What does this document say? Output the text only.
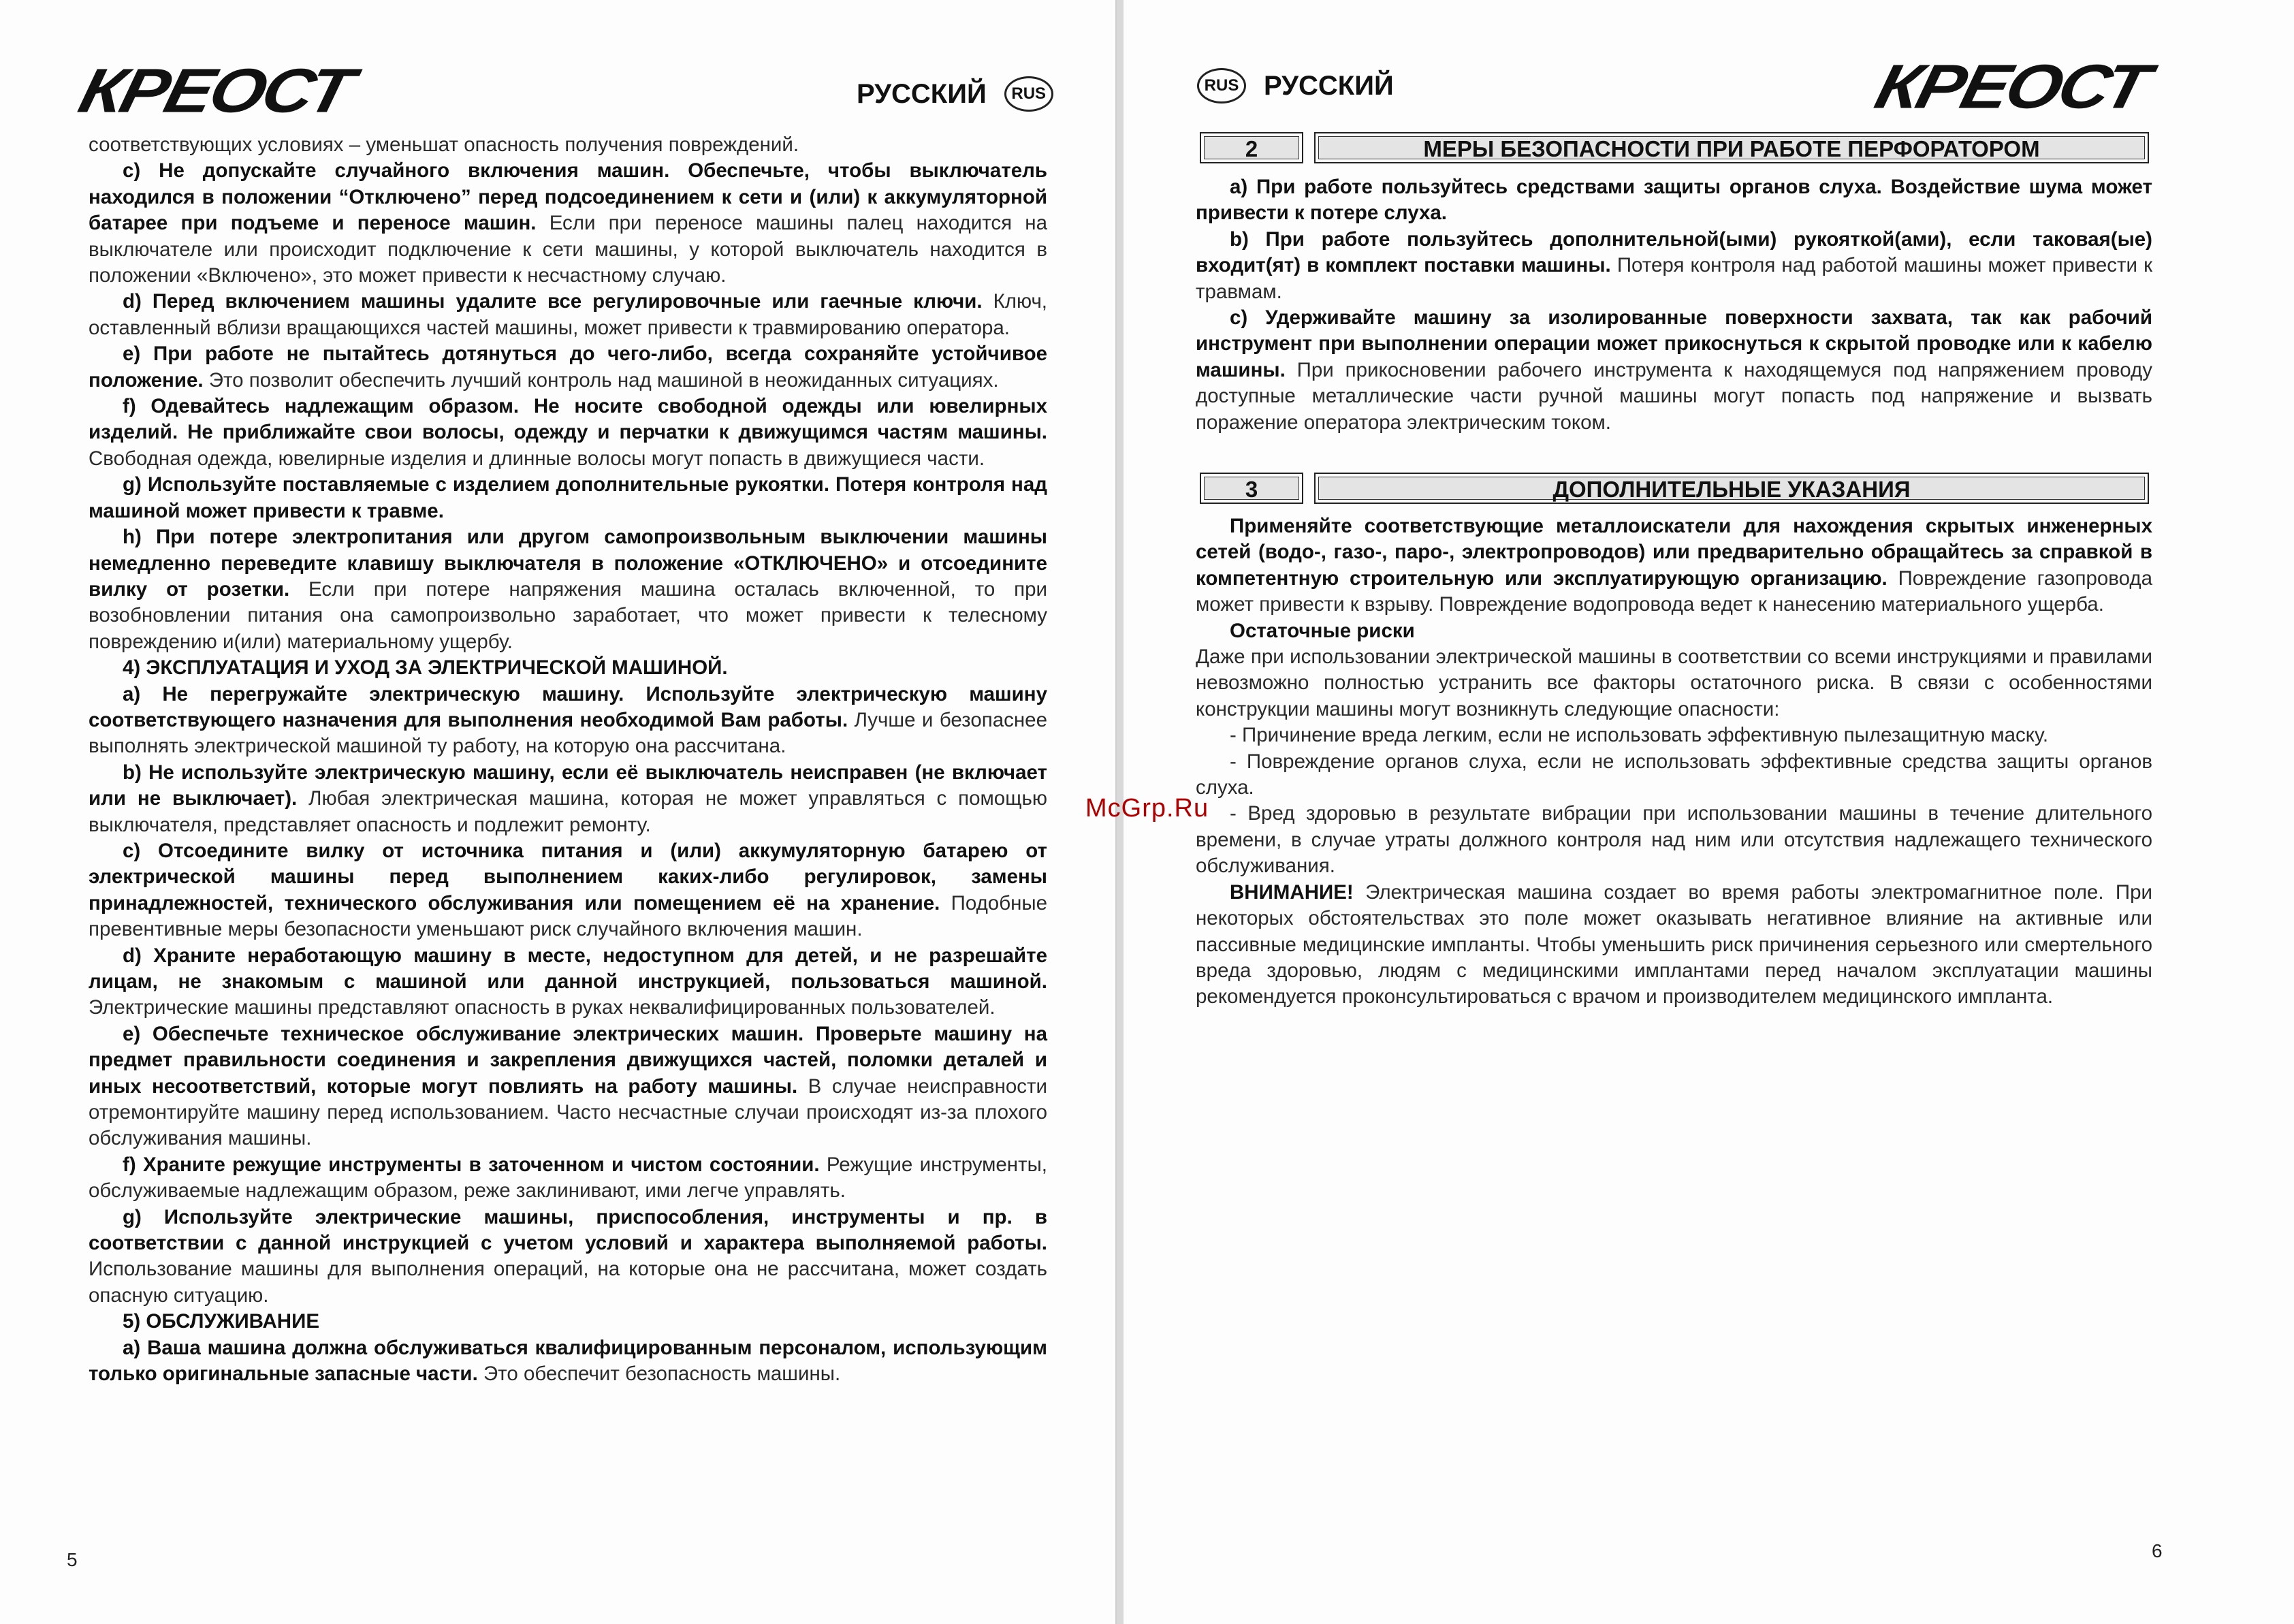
КРЕОСТ	РУССКИЙ	RUS

соответствующих условиях – уменьшат опасность получения повреждений.

c) Не допускайте случайного включения машин. Обеспечьте, чтобы выключатель находился в положении “Отключено” перед подсоединением к сети и (или) к аккумуляторной батарее при подъеме и переносе машин. Если при переносе машины палец находится на выключателе или происходит подключение к сети машины, у которой выключатель находится в положении «Включено», это может привести к несчастному случаю.

d) Перед включением машины удалите все регулировочные или гаечные ключи. Ключ, оставленный вблизи вращающихся частей машины, может привести к травмированию оператора.

e) При работе не пытайтесь дотянуться до чего-либо, всегда сохраняйте устойчивое положение. Это позволит обеспечить лучший контроль над машиной в неожиданных ситуациях.

f) Одевайтесь надлежащим образом. Не носите свободной одежды или ювелирных изделий. Не приближайте свои волосы, одежду и перчатки к движущимся частям машины. Свободная одежда, ювелирные изделия и длинные волосы могут попасть в движущиеся части.

g) Используйте поставляемые с изделием дополнительные рукоятки. Потеря контроля над машиной может привести к травме.

h) При потере электропитания или другом самопроизвольным выключении машины немедленно переведите клавишу выключателя в положение «ОТКЛЮЧЕНО» и отсоедините вилку от розетки. Если при потере напряжения машина осталась включенной, то при возобновлении питания она самопроизвольно заработает, что может привести к телесному повреждению и(или) материальному ущербу.

4) ЭКСПЛУАТАЦИЯ И УХОД ЗА ЭЛЕКТРИЧЕСКОЙ МАШИНОЙ.

a) Не перегружайте электрическую машину. Используйте электрическую машину соответствующего назначения для выполнения необходимой Вам работы. Лучше и безопаснее выполнять электрической машиной ту работу, на которую она рассчитана.

b) Не используйте электрическую машину, если её выключатель неисправен (не включает или не выключает). Любая электрическая машина, которая не может управляться с помощью выключателя, представляет опасность и подлежит ремонту.

c) Отсоедините вилку от источника питания и (или) аккумуляторную батарею от электрической машины перед выполнением каких-либо регулировок, замены принадлежностей, технического обслуживания или помещением её на хранение. Подобные превентивные меры безопасности уменьшают риск случайного включения машин.

d) Храните неработающую машину в месте, недоступном для детей, и не разрешайте лицам, не знакомым с машиной или данной инструкцией, пользоваться машиной. Электрические машины представляют опасность в руках неквалифицированных пользователей.

e) Обеспечьте техническое обслуживание электрических машин. Проверьте машину на предмет правильности соединения и закрепления движущихся частей, поломки деталей и иных несоответствий, которые могут повлиять на работу машины. В случае неисправности отремонтируйте машину перед использованием. Часто несчастные случаи происходят из-за плохого обслуживания машины.

f) Храните режущие инструменты в заточенном и чистом состоянии. Режущие инструменты, обслуживаемые надлежащим образом, реже заклинивают, ими легче управлять.

g) Используйте электрические машины, приспособления, инструменты и пр. в соответствии с данной инструкцией с учетом условий и характера выполняемой работы. Использование машины для выполнения операций, на которые она не рассчитана, может создать опасную ситуацию.

5) ОБСЛУЖИВАНИЕ

a) Ваша машина должна обслуживаться квалифицированным персоналом, использующим только оригинальные запасные части. Это обеспечит безопасность машины.

5
RUS РУССКИЙ	КРЕОСТ
2	МЕРЫ БЕЗОПАСНОСТИ ПРИ РАБОТЕ ПЕРФОРАТОРОМ

a) При работе пользуйтесь средствами защиты органов слуха. Воздействие шума может привести к потере слуха.

b) При работе пользуйтесь дополнительной(ыми) рукояткой(ами), если таковая(ые) входит(ят) в комплект поставки машины. Потеря контроля над работой машины может привести к травмам.

c) Удерживайте машину за изолированные поверхности захвата, так как рабочий инструмент при выполнении операции может прикоснуться к скрытой проводке или к кабелю машины. При прикосновении рабочего инструмента к находящемуся под напряжением проводу доступные металлические части ручной машины могут попасть под напряжение и вызвать поражение оператора электрическим током.

3	ДОПОЛНИТЕЛЬНЫЕ УКАЗАНИЯ

Применяйте соответствующие металлоискатели для нахождения скрытых инженерных сетей (водо-, газо-, паро-, электропроводов) или предварительно обращайтесь за справкой в компетентную строительную или эксплуатирующую организацию. Повреждение газопровода может привести к взрыву. Повреждение водопровода ведет к нанесению материального ущерба.

Остаточные риски

Даже при использовании электрической машины в соответствии со всеми инструкциями и правилами невозможно полностью устранить все факторы остаточного риска. В связи с особенностями конструкции машины могут возникнуть следующие опасности:

- Причинение вреда легким, если не использовать эффективную пылезащитную маску.

- Повреждение органов слуха, если не использовать эффективные средства защиты органов слуха.

- Вред здоровью в результате вибрации при использовании машины в течение длительного времени, в случае утраты должного контроля над ним или отсутствия надлежащего технического обслуживания.

ВНИМАНИЕ! Электрическая машина создает во время работы электромагнитное поле. При некоторых обстоятельствах это поле может оказывать негативное влияние на активные или пассивные медицинские импланты. Чтобы уменьшить риск причинения серьезного или смертельного вреда здоровью, людям с медицинскими имплантами перед началом эксплуатации машины рекомендуется проконсультироваться с врачом и производителем медицинского импланта.

6
McGrp.Ru
